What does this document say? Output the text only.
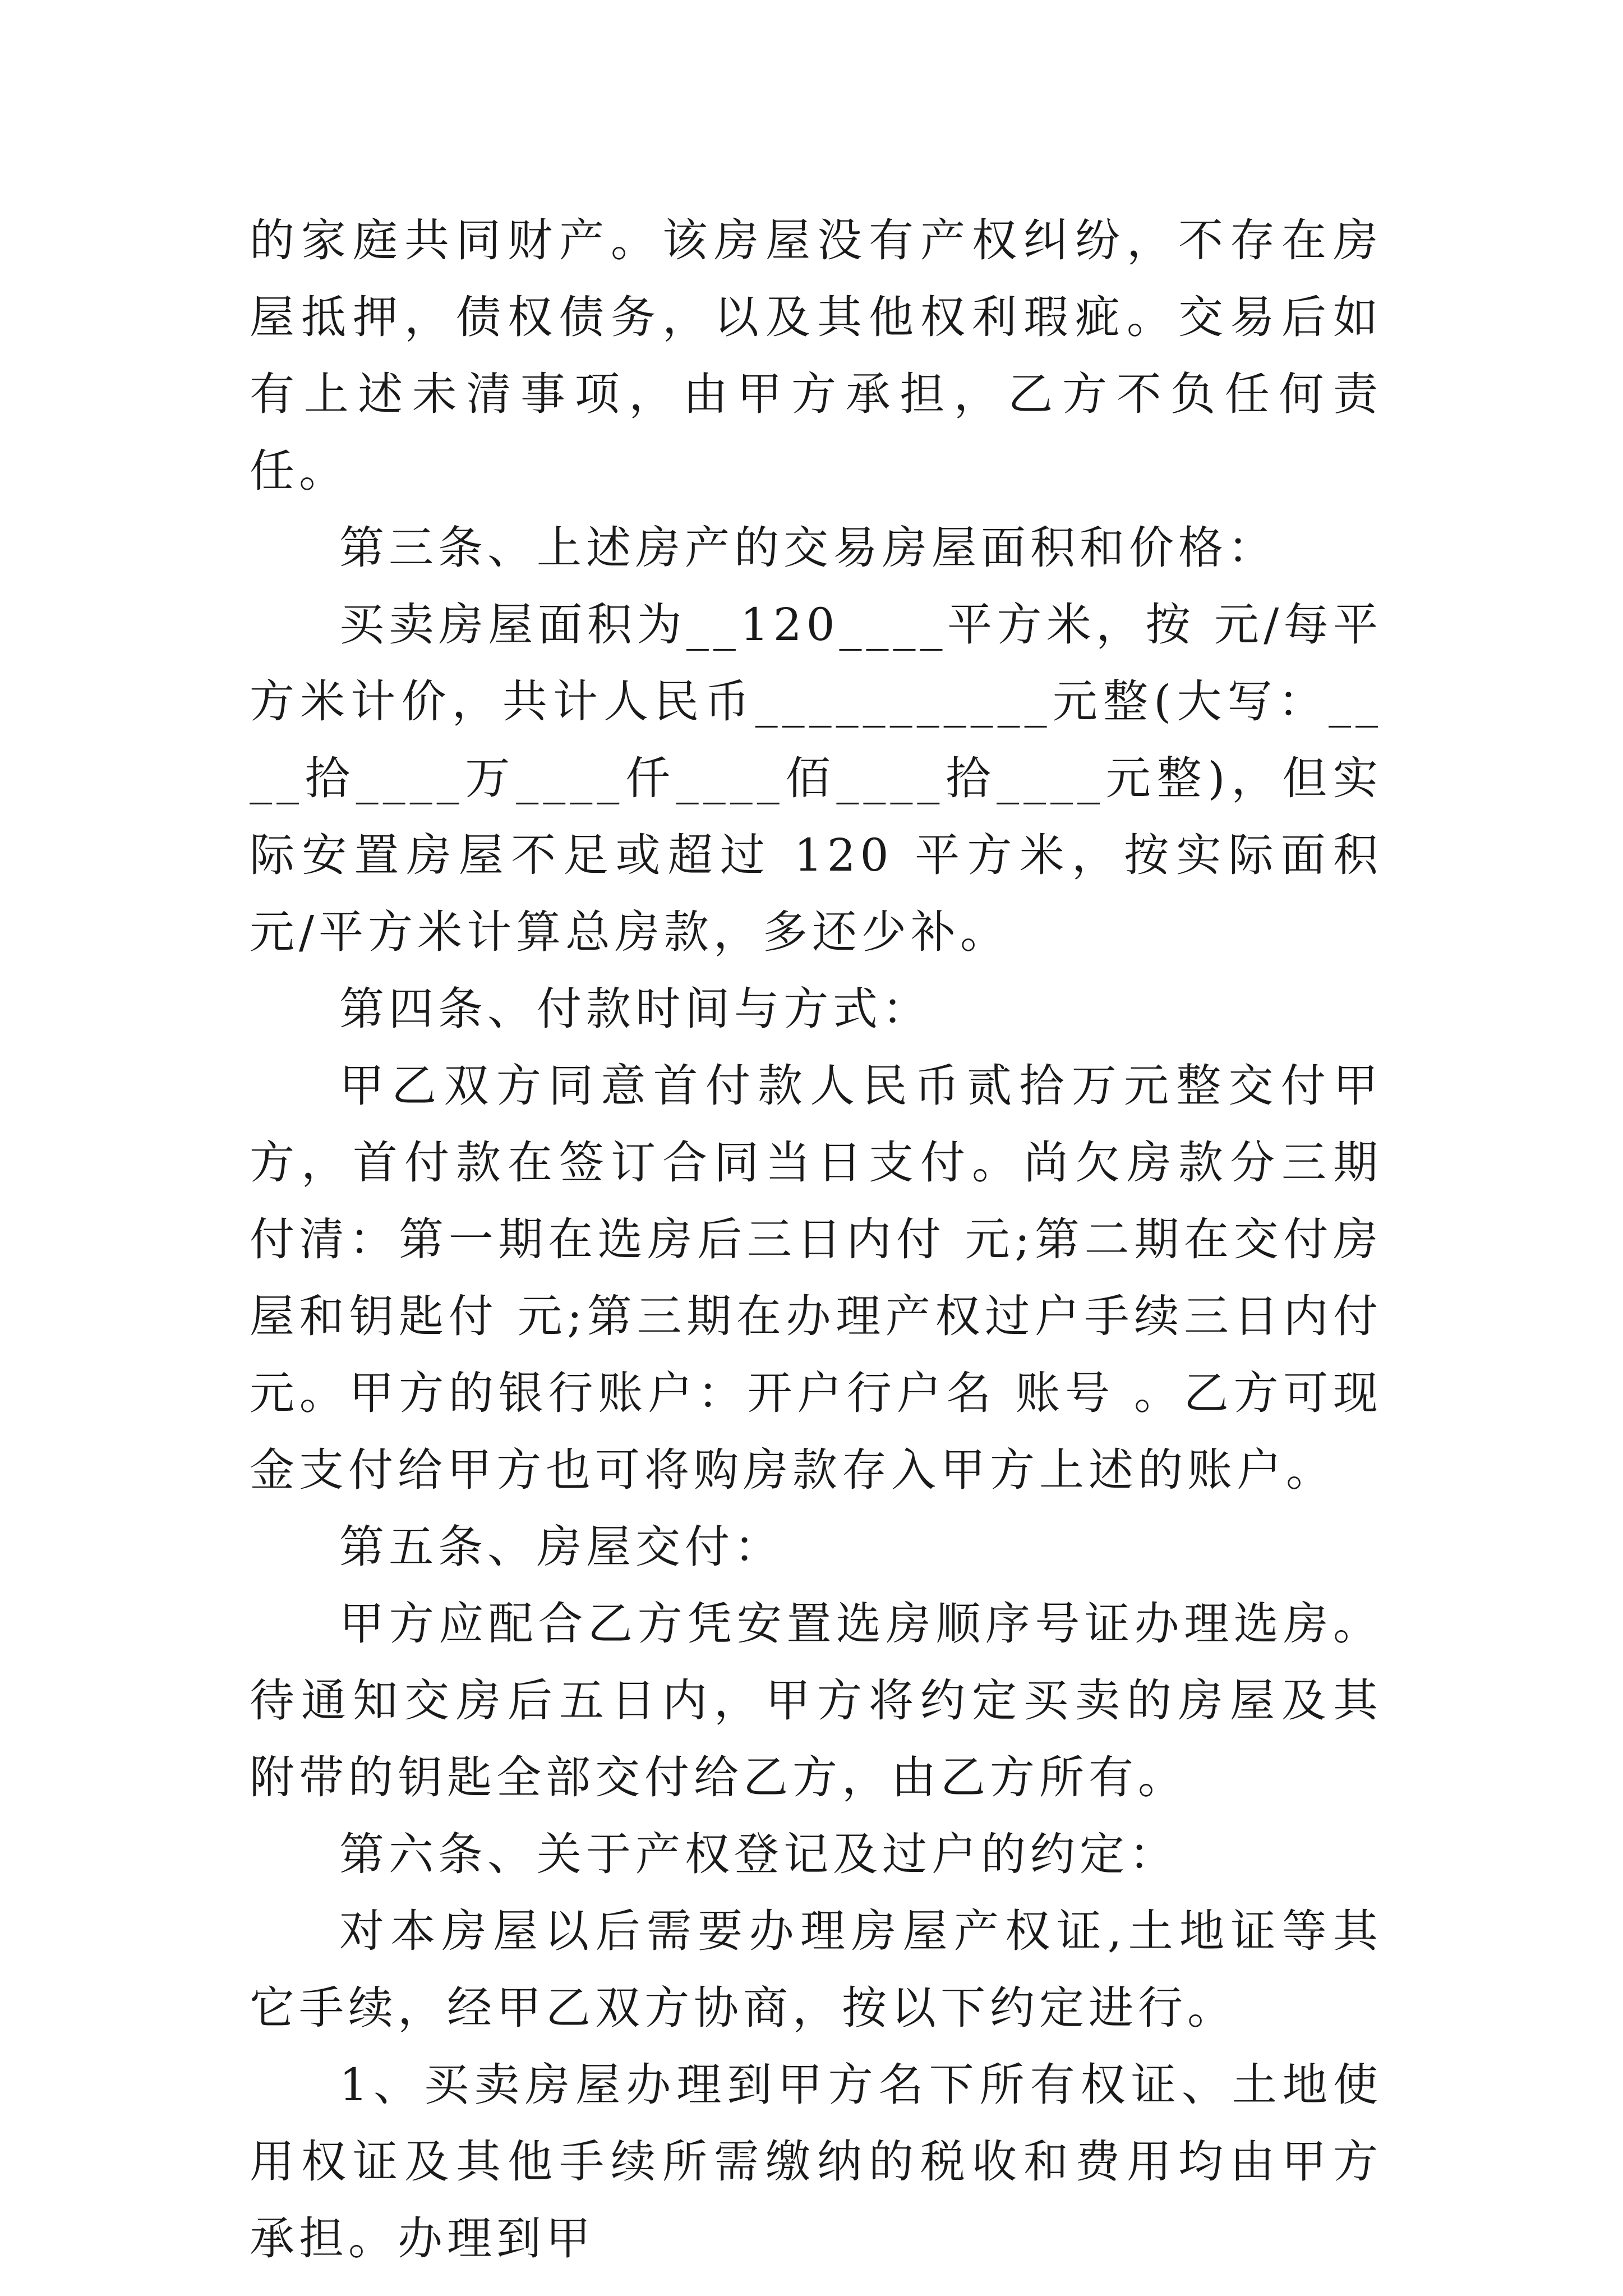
的家庭共同财产。该房屋没有产权纠纷，不存在房屋抵押，债权债务，以及其他权利瑕疵。交易后如有上述未清事项，由甲方承担，乙方不负任何责任。

第三条、上述房产的交易房屋面积和价格：

买卖房屋面积为__120____平方米，按 元/每平方米计价，共计人民币___________元整(大写：____拾____万____仟____佰____拾____元整)，但实际安置房屋不足或超过 120 平方米，按实际面积 元/平方米计算总房款，多还少补。

第四条、付款时间与方式：

甲乙双方同意首付款人民币贰拾万元整交付甲方，首付款在签订合同当日支付。尚欠房款分三期付清：第一期在选房后三日内付 元;第二期在交付房屋和钥匙付 元;第三期在办理产权过户手续三日内付 元。甲方的银行账户：开户行户名 账号 。乙方可现金支付给甲方也可将购房款存入甲方上述的账户。

第五条、房屋交付：

甲方应配合乙方凭安置选房顺序号证办理选房。待通知交房后五日内，甲方将约定买卖的房屋及其附带的钥匙全部交付给乙方，由乙方所有。

第六条、关于产权登记及过户的约定：

对本房屋以后需要办理房屋产权证,土地证等其它手续，经甲乙双方协商，按以下约定进行。

1、买卖房屋办理到甲方名下所有权证、土地使用权证及其他手续所需缴纳的税收和费用均由甲方承担。办理到甲
